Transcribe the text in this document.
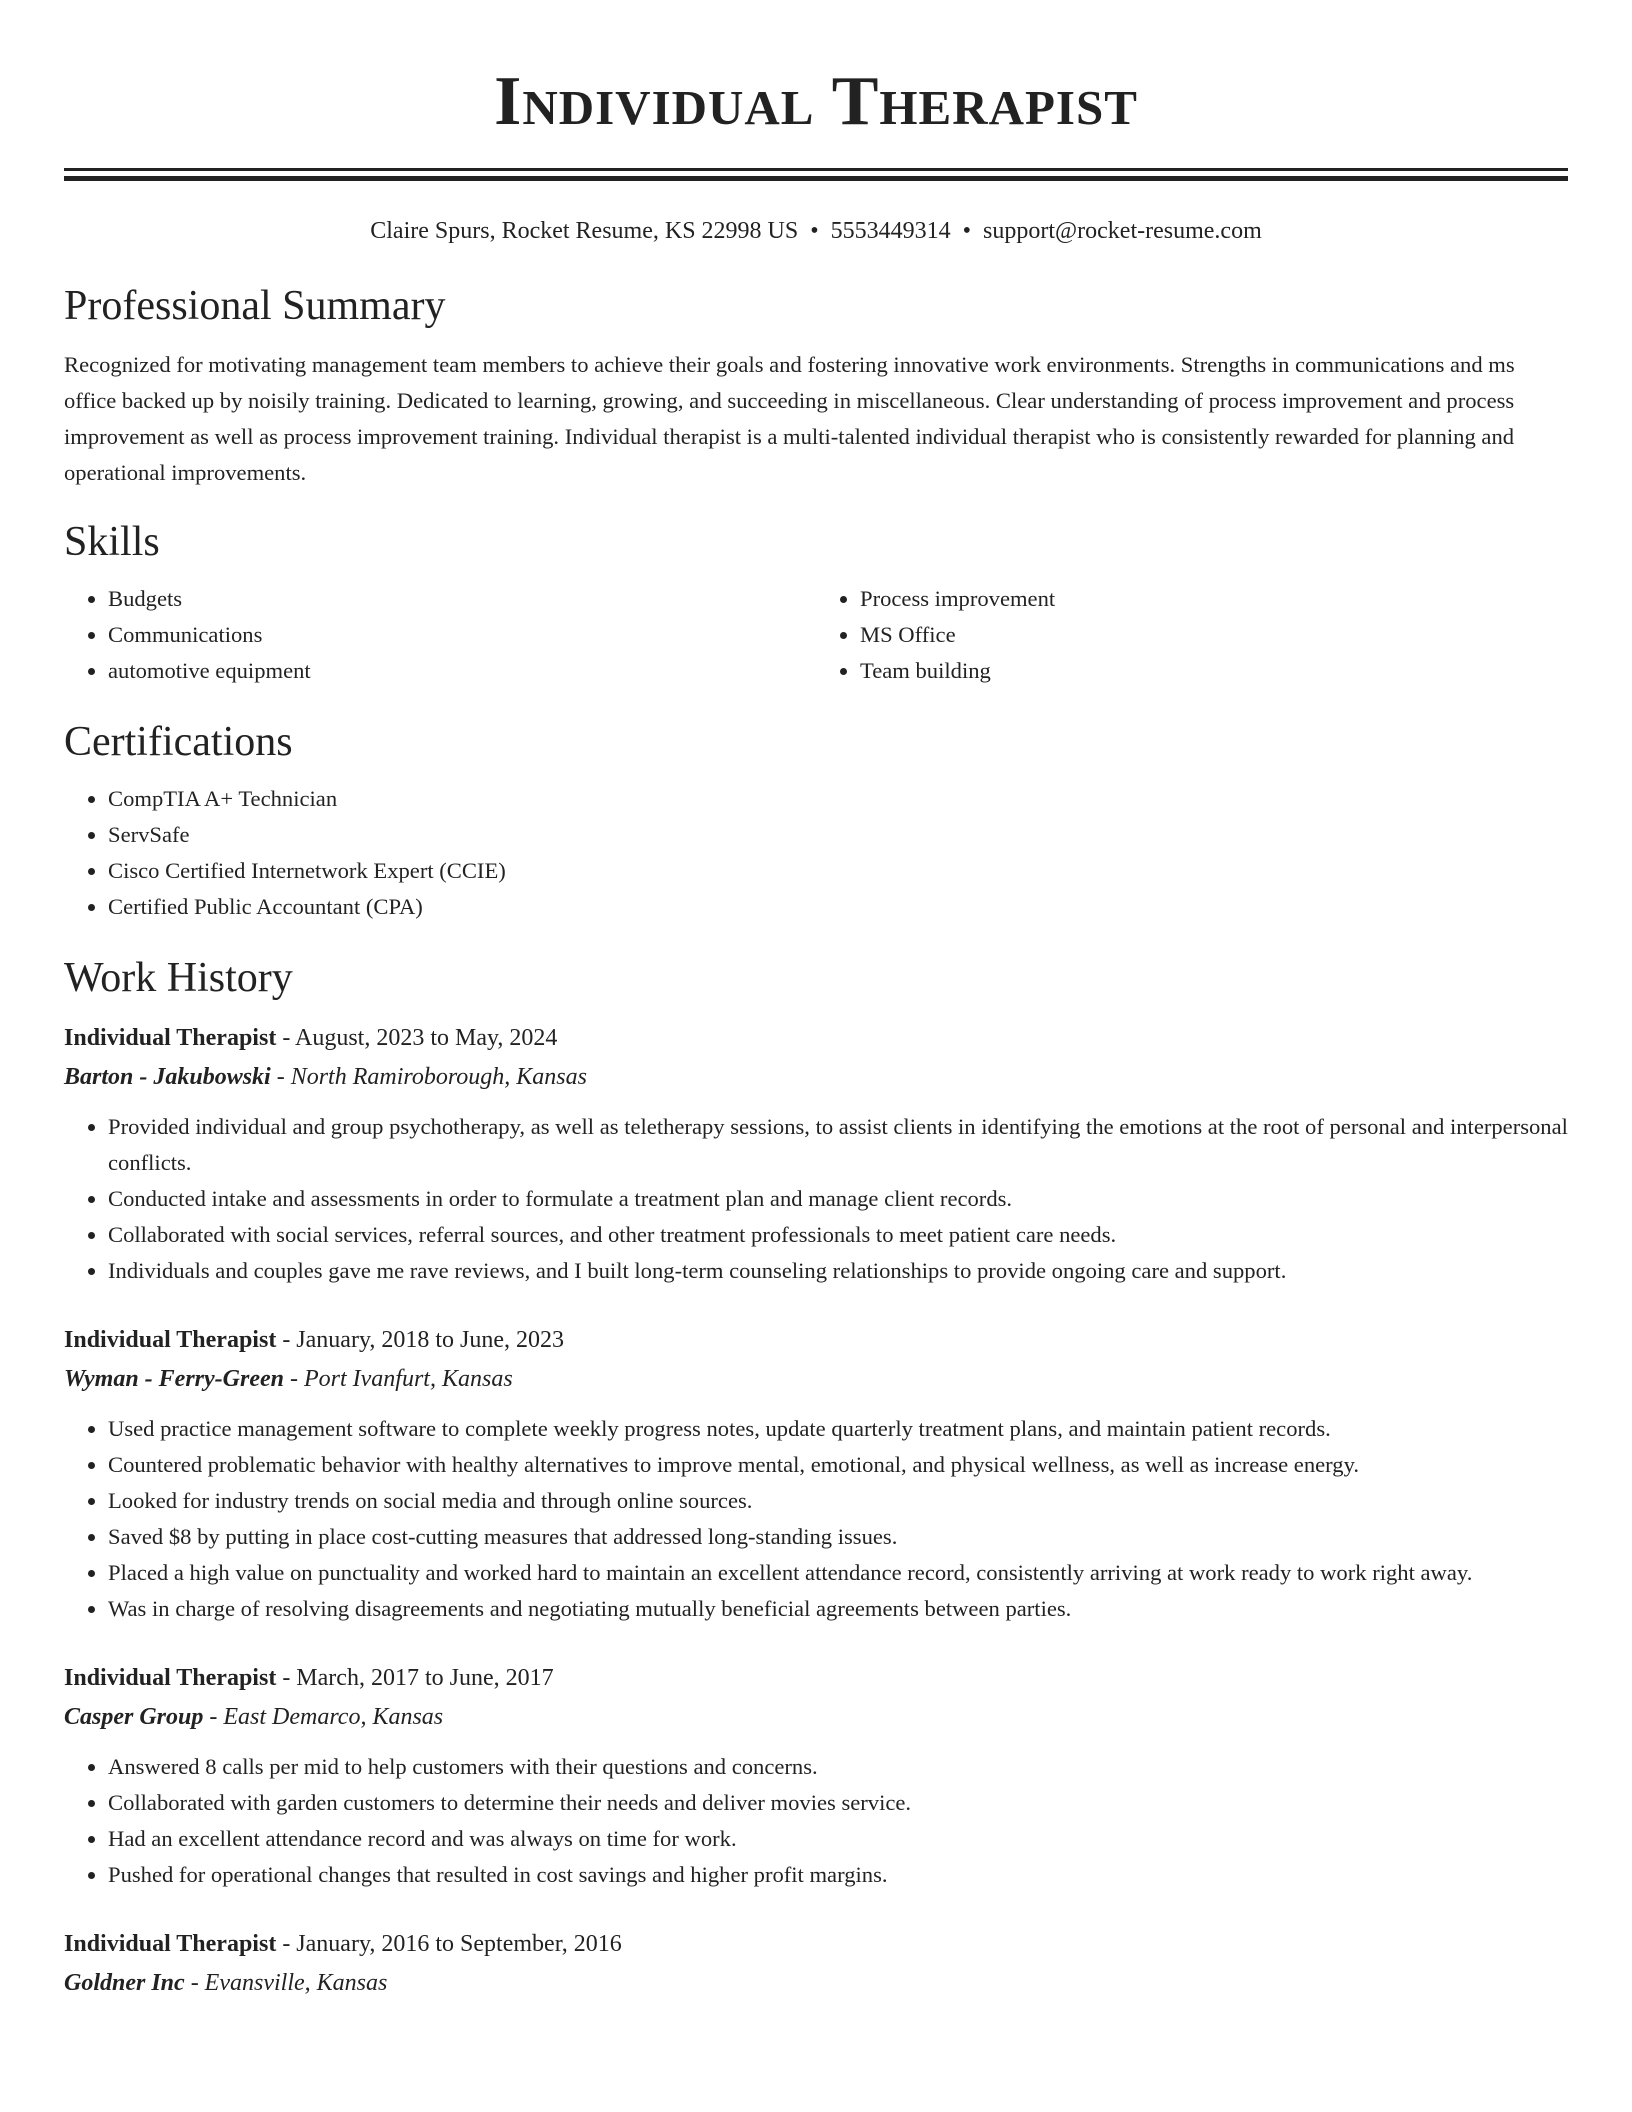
Individual Therapist
Claire Spurs, Rocket Resume, KS 22998 US • 5553449314 • support@rocket-resume.com
Professional Summary

Recognized for motivating management team members to achieve their goals and fostering innovative work environments. Strengths in communications and ms office backed up by noisily training. Dedicated to learning, growing, and succeeding in miscellaneous. Clear understanding of process improvement and process improvement as well as process improvement training. Individual therapist is a multi-talented individual therapist who is consistently rewarded for planning and operational improvements.

Skills
• Budgets
• Communications
• automotive equipment
• Process improvement
• MS Office
• Team building
Certifications
• CompTIA A+ Technician
• ServSafe
• Cisco Certified Internetwork Expert (CCIE)
• Certified Public Accountant (CPA)
Work History
Individual Therapist - August, 2023 to May, 2024
Barton - Jakubowski - North Ramiroborough, Kansas
• Provided individual and group psychotherapy, as well as teletherapy sessions, to assist clients in identifying the emotions at the root of personal and interpersonal conflicts.
• Conducted intake and assessments in order to formulate a treatment plan and manage client records.
• Collaborated with social services, referral sources, and other treatment professionals to meet patient care needs.
• Individuals and couples gave me rave reviews, and I built long-term counseling relationships to provide ongoing care and support.
Individual Therapist - January, 2018 to June, 2023
Wyman - Ferry-Green - Port Ivanfurt, Kansas
• Used practice management software to complete weekly progress notes, update quarterly treatment plans, and maintain patient records.
• Countered problematic behavior with healthy alternatives to improve mental, emotional, and physical wellness, as well as increase energy.
• Looked for industry trends on social media and through online sources.
• Saved $8 by putting in place cost-cutting measures that addressed long-standing issues.
• Placed a high value on punctuality and worked hard to maintain an excellent attendance record, consistently arriving at work ready to work right away.
• Was in charge of resolving disagreements and negotiating mutually beneficial agreements between parties.
Individual Therapist - March, 2017 to June, 2017
Casper Group - East Demarco, Kansas
• Answered 8 calls per mid to help customers with their questions and concerns.
• Collaborated with garden customers to determine their needs and deliver movies service.
• Had an excellent attendance record and was always on time for work.
• Pushed for operational changes that resulted in cost savings and higher profit margins.
Individual Therapist - January, 2016 to September, 2016
Goldner Inc - Evansville, Kansas
